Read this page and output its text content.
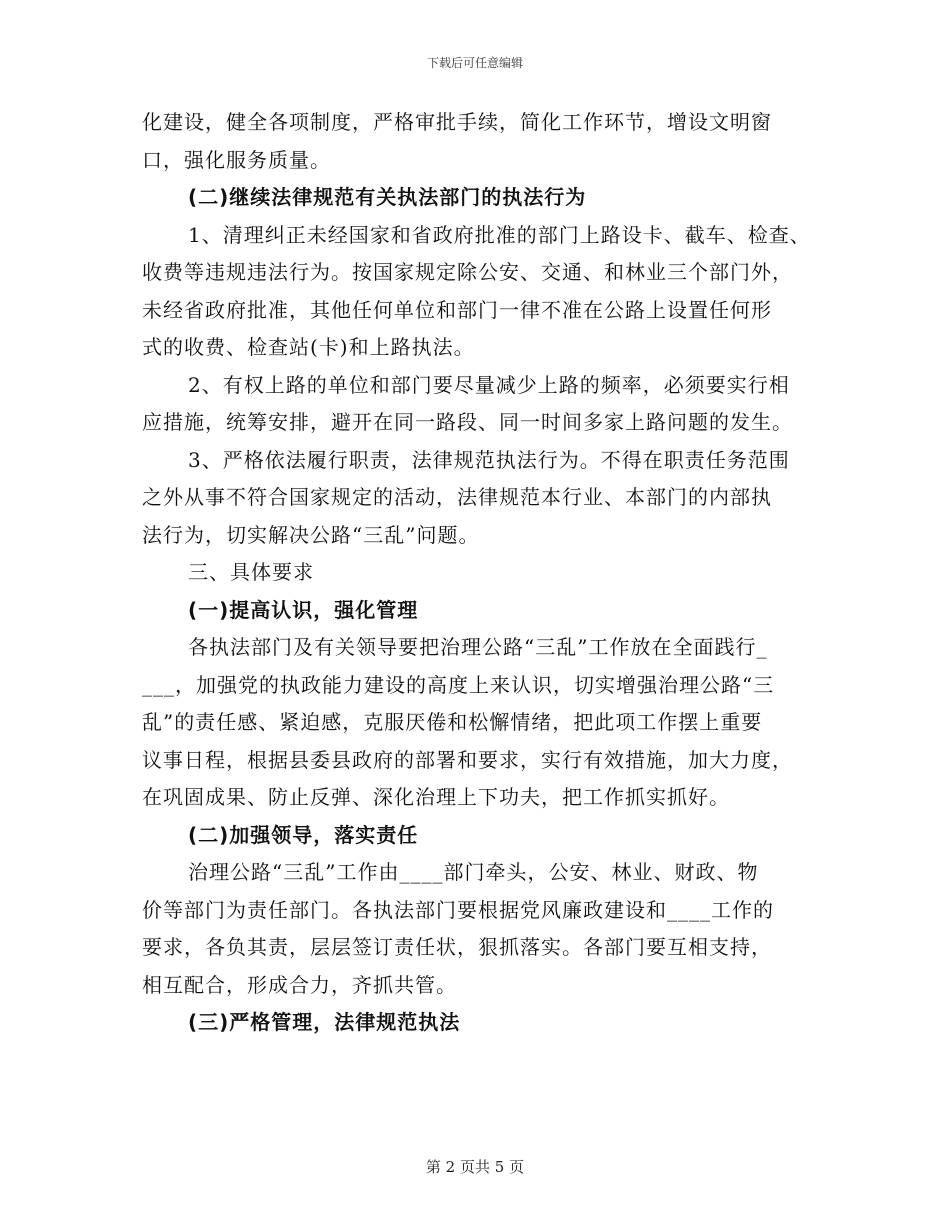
下载后可任意编辑
化建设，健全各项制度，严格审批手续，简化工作环节，增设文明窗
口，强化服务质量。
(二)继续法律规范有关执法部门的执法行为
1、清理纠正未经国家和省政府批准的部门上路设卡、截车、检查、
收费等违规违法行为。按国家规定除公安、交通、和林业三个部门外，
未经省政府批准，其他任何单位和部门一律不准在公路上设置任何形
式的收费、检查站(卡)和上路执法。
2、有权上路的单位和部门要尽量减少上路的频率，必须要实行相
应措施，统筹安排，避开在同一路段、同一时间多家上路问题的发生。
3、严格依法履行职责，法律规范执法行为。不得在职责任务范围
之外从事不符合国家规定的活动，法律规范本行业、本部门的内部执
法行为，切实解决公路“三乱”问题。
三、具体要求
(一)提高认识，强化管理
各执法部门及有关领导要把治理公路“三乱”工作放在全面践行_
___，加强党的执政能力建设的高度上来认识，切实增强治理公路“三
乱”的责任感、紧迫感，克服厌倦和松懈情绪，把此项工作摆上重要
议事日程，根据县委县政府的部署和要求，实行有效措施，加大力度，
在巩固成果、防止反弹、深化治理上下功夫，把工作抓实抓好。
(二)加强领导，落实责任
治理公路“三乱”工作由____部门牵头，公安、林业、财政、物
价等部门为责任部门。各执法部门要根据党风廉政建设和____工作的
要求，各负其责，层层签订责任状，狠抓落实。各部门要互相支持，
相互配合，形成合力，齐抓共管。
(三)严格管理，法律规范执法
第 2 页共 5 页
